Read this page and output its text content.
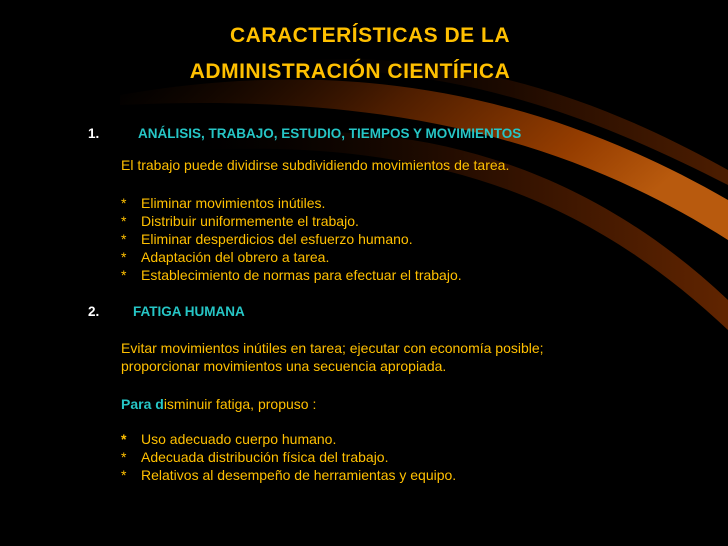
CARACTERÍSTICAS DE LA
ADMINISTRACIÓN CIENTÍFICA
1.	ANÁLISIS, TRABAJO, ESTUDIO, TIEMPOS Y MOVIMIENTOS
El trabajo puede dividirse subdividiendo movimientos de tarea.
* Eliminar movimientos inútiles.
* Distribuir uniformemente el trabajo.
* Eliminar desperdicios del esfuerzo humano.
* Adaptación del obrero a tarea.
* Establecimiento de normas para efectuar el trabajo.
2. FATIGA HUMANA
Evitar movimientos inútiles en tarea; ejecutar con economía posible;
proporcionar movimientos una secuencia apropiada.
Para disminuir fatiga, propuso :
* Uso adecuado cuerpo humano.
* Adecuada distribución física del trabajo.
* Relativos al desempeño de herramientas y equipo.
